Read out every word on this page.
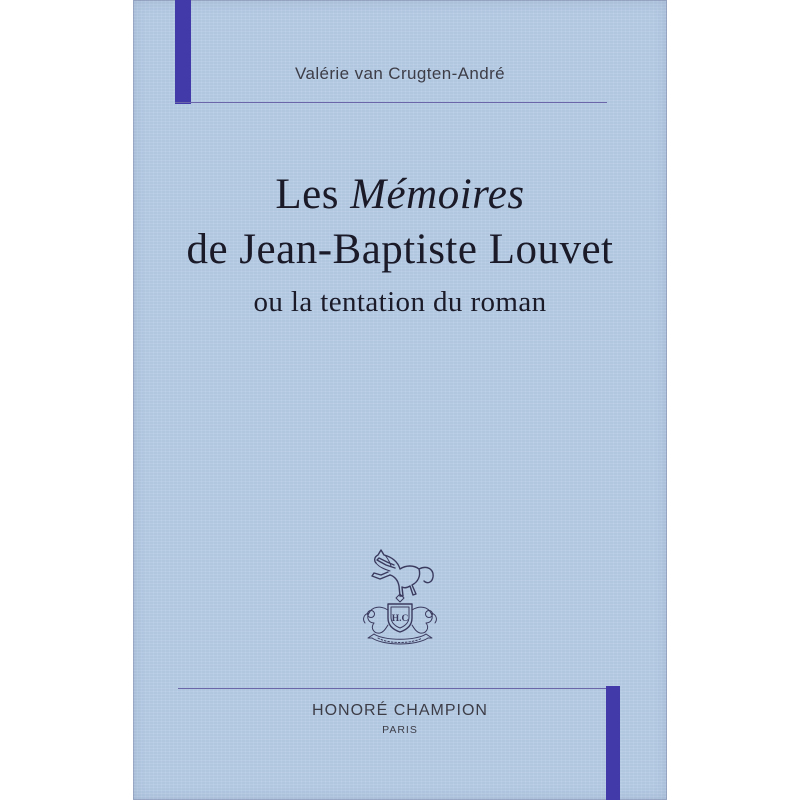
Valérie van Crugten-André
Les Mémoires
de Jean-Baptiste Louvet
ou la tentation du roman
H.C
HONORÉ CHAMPION
PARIS
